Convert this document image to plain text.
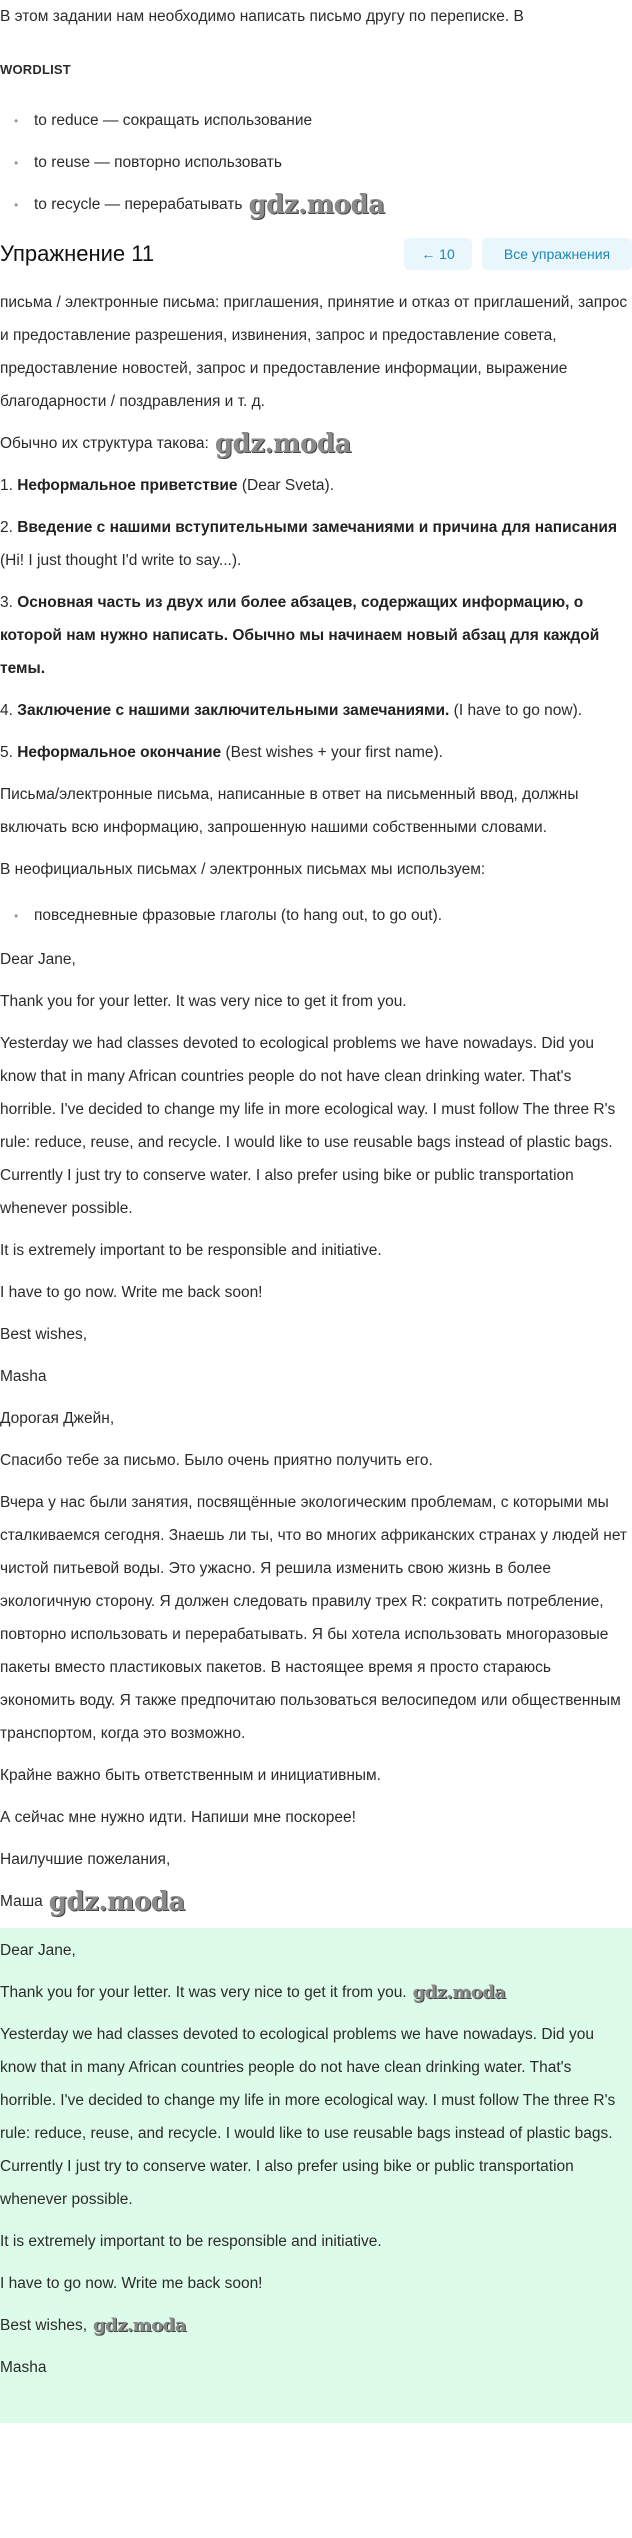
В этом задании нам необходимо написать письмо другу по переписке. В
WORDLIST
• to reduce — сокращать использование
• to reuse — повторно использовать
• to recycle — перерабатывать gdz.moda
Упражнение 11	← 10	Все упражнения
письма / электронные письма: приглашения, принятие и отказ от приглашений, запрос и предоставление разрешения, извинения, запрос и предоставление совета, предоставление новостей, запрос и предоставление информации, выражение благодарности / поздравления и т. д.
Обычно их структура такова: gdz.moda
1. Неформальное приветствие (Dear Sveta).
2. Введение с нашими вступительными замечаниями и причина для написания (Hi! I just thought I'd write to say...).
3. Основная часть из двух или более абзацев, содержащих информацию, о которой нам нужно написать. Обычно мы начинаем новый абзац для каждой темы.
4. Заключение с нашими заключительными замечаниями. (I have to go now).
5. Неформальное окончание (Best wishes + your first name).
Письма/электронные письма, написанные в ответ на письменный ввод, должны включать всю информацию, запрошенную нашими собственными словами.
В неофициальных письмах / электронных письмах мы используем:
• повседневные фразовые глаголы (to hang out, to go out).
Dear Jane,
Thank you for your letter. It was very nice to get it from you.
Yesterday we had classes devoted to ecological problems we have nowadays. Did you know that in many African countries people do not have clean drinking water. That's horrible. I've decided to change my life in more ecological way. I must follow The three R's rule: reduce, reuse, and recycle. I would like to use reusable bags instead of plastic bags. Currently I just try to conserve water. I also prefer using bike or public transportation whenever possible.
It is extremely important to be responsible and initiative.
I have to go now. Write me back soon!
Best wishes,
Masha
Дорогая Джейн,
Спасибо тебе за письмо. Было очень приятно получить его.
Вчера у нас были занятия, посвящённые экологическим проблемам, с которыми мы сталкиваемся сегодня. Знаешь ли ты, что во многих африканских странах у людей нет чистой питьевой воды. Это ужасно. Я решила изменить свою жизнь в более экологичную сторону. Я должен следовать правилу трех R: сократить потребление, повторно использовать и перерабатывать. Я бы хотела использовать многоразовые пакеты вместо пластиковых пакетов. В настоящее время я просто стараюсь экономить воду. Я также предпочитаю пользоваться велосипедом или общественным транспортом, когда это возможно.
Крайне важно быть ответственным и инициативным.
А сейчас мне нужно идти. Напиши мне поскорее!
Наилучшие пожелания,
Маша gdz.moda
Dear Jane,
Thank you for your letter. It was very nice to get it from you. gdz.moda
Yesterday we had classes devoted to ecological problems we have nowadays. Did you know that in many African countries people do not have clean drinking water. That's horrible. I've decided to change my life in more ecological way. I must follow The three R's rule: reduce, reuse, and recycle. I would like to use reusable bags instead of plastic bags. Currently I just try to conserve water. I also prefer using bike or public transportation whenever possible.
It is extremely important to be responsible and initiative.
I have to go now. Write me back soon!
Best wishes, gdz.moda
Masha
